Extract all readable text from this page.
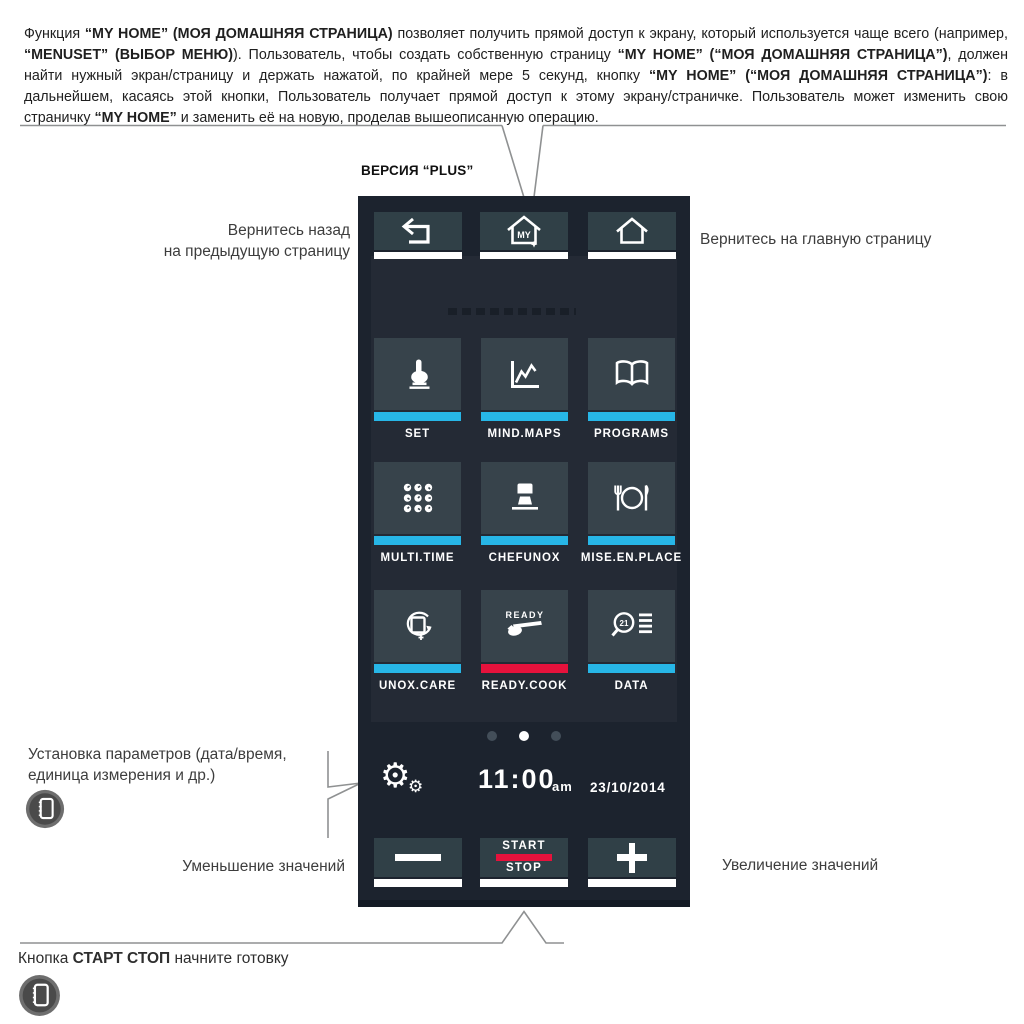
Функция “MY HOME” (МОЯ ДОМАШНЯЯ СТРАНИЦА) позволяет получить прямой доступ к экрану, который используется чаще всего (например, “MENUSET” (ВЫБОР МЕНЮ)). Пользователь, чтобы создать собственную страницу “MY HOME” (“МОЯ ДОМАШНЯЯ СТРАНИЦА”), должен найти нужный экран/страницу и держать нажатой, по крайней мере 5 секунд, кнопку “MY HOME” (“МОЯ ДОМАШНЯЯ СТРАНИЦА”): в дальнейшем, касаясь этой кнопки, Пользователь получает прямой доступ к этому экрану/страничке. Пользователь может изменить свою страничку “MY HOME” и заменить её на новую, проделав вышеописанную операцию.

ВЕРСИЯ “PLUS”
Вернитесь назад
на предыдущую страницу
Вернитесь на главную страницу
Установка параметров (дата/время,
единица измерения и др.)
Уменьшение значений	Увеличение значений
Кнопка СТАРТ СТОП начните готовку
MY
SET	MIND.MAPS	PROGRAMS
MULTI.TIME	CHEFUNOX	MISE.EN.PLACE
UNOX.CARE
READY
READY.COOK
21
DATA

⚙
⚙ 11:00
am 23/10/2014
START
STOP
